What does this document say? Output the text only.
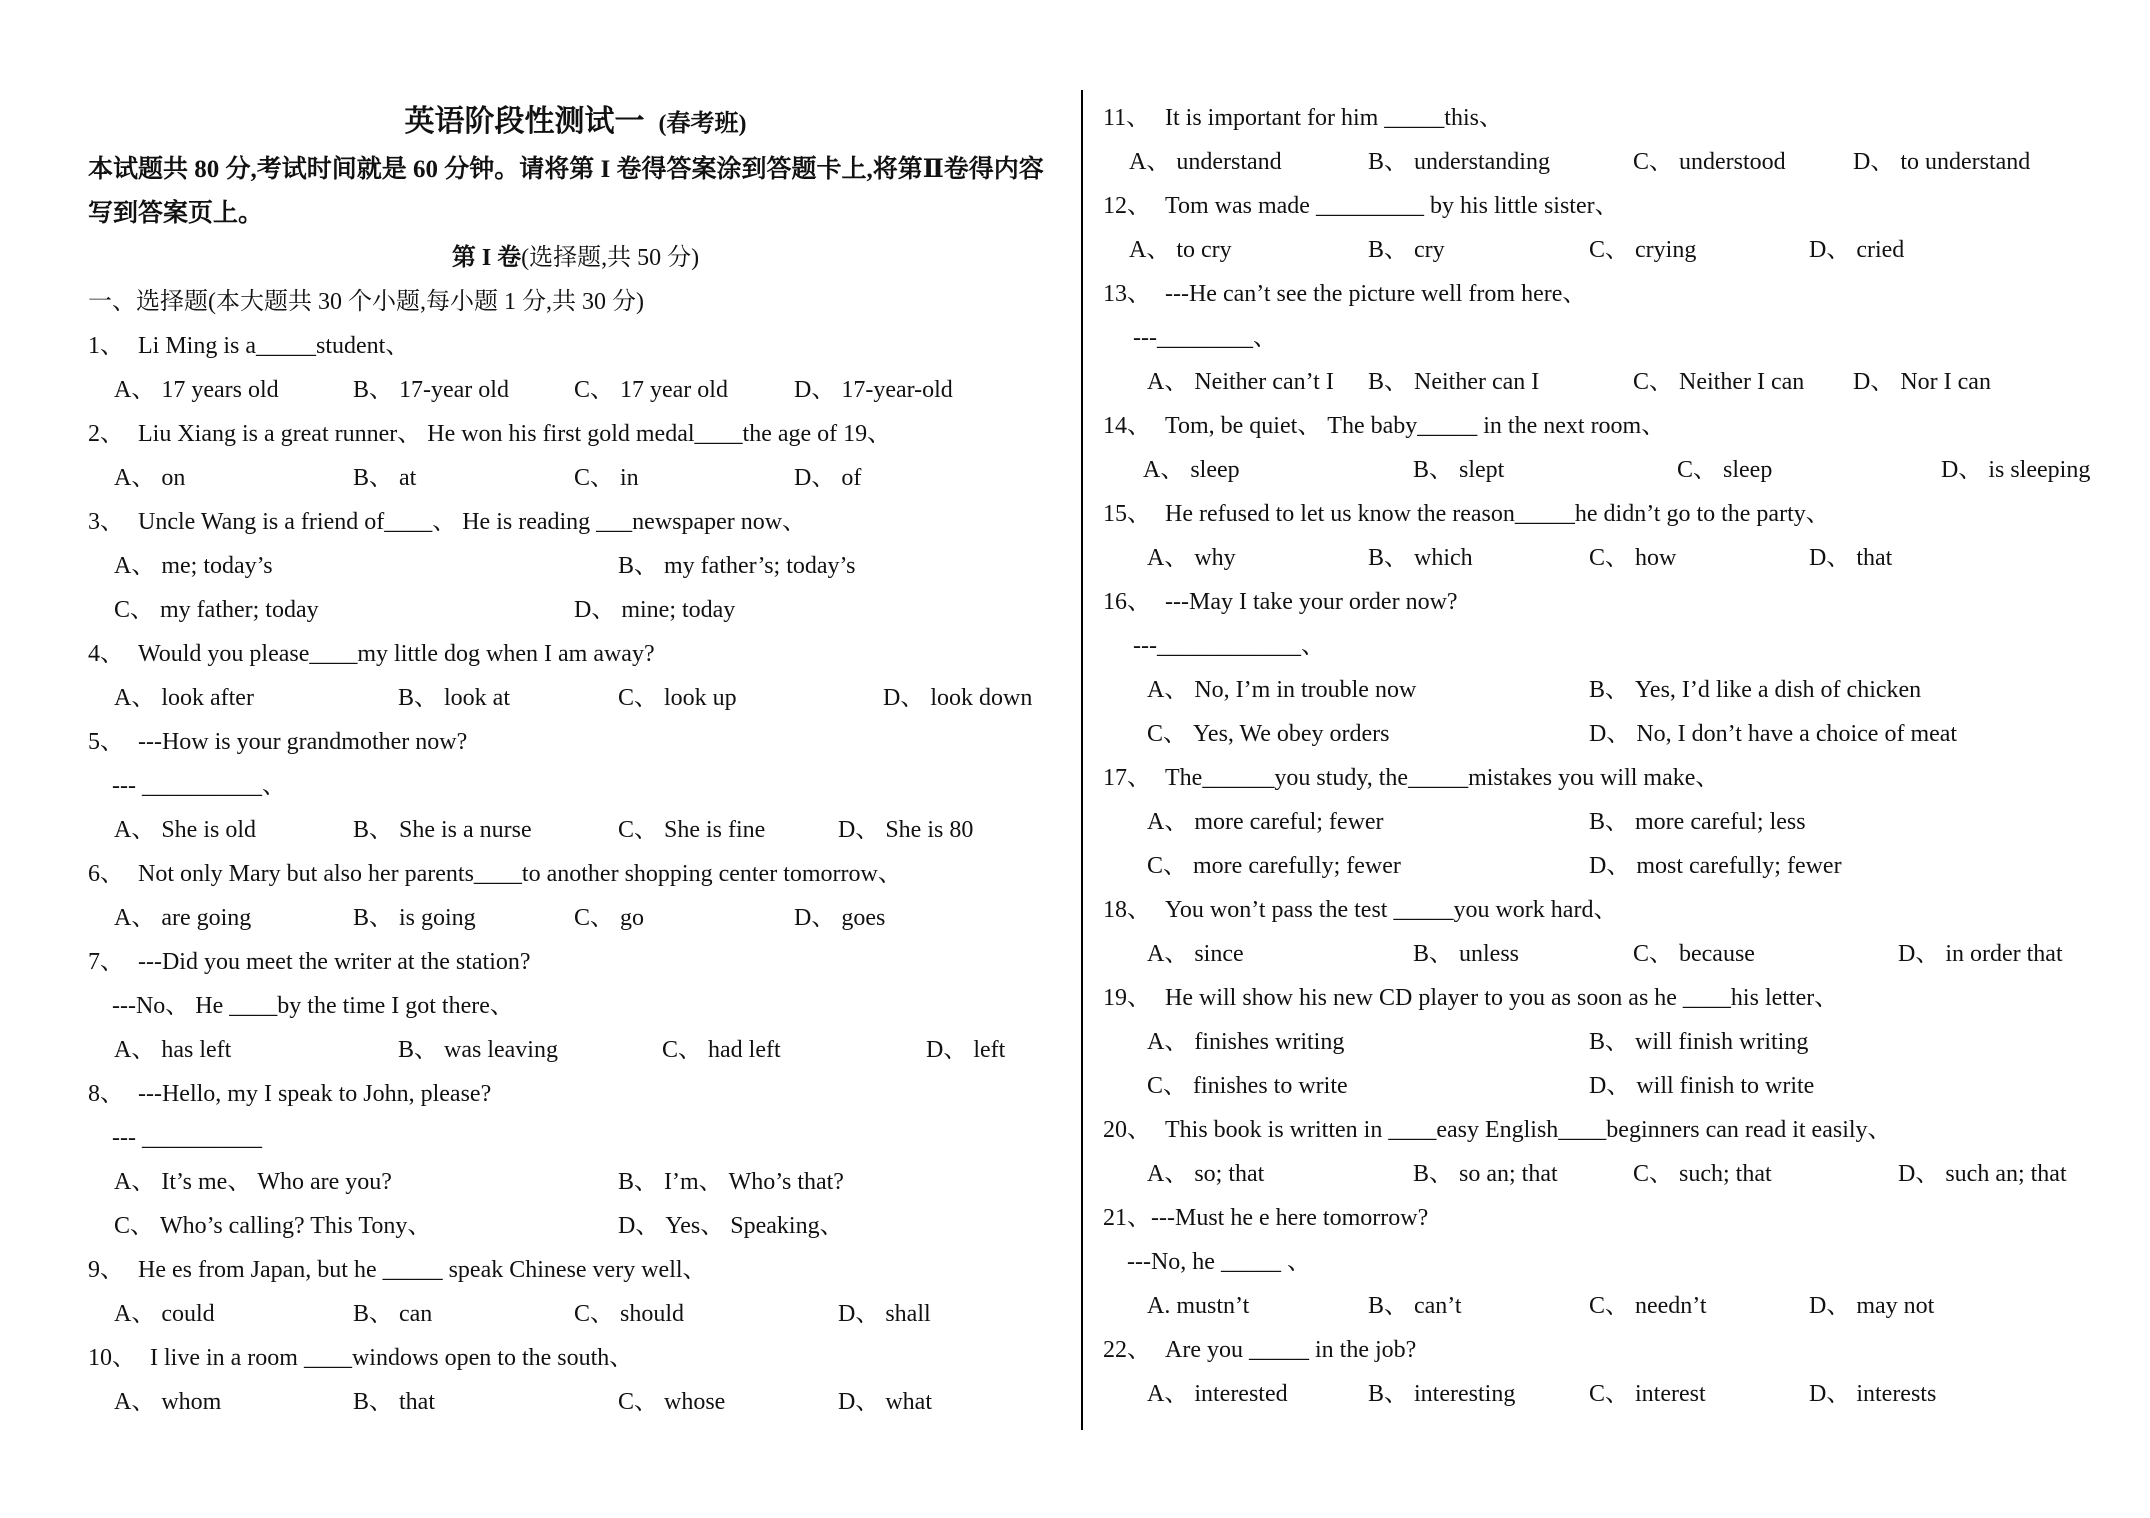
英语阶段性测试一 (春考班)
本试题共 80 分,考试时间就是 60 分钟。请将第 I 卷得答案涂到答题卡上,将第Ⅱ卷得内容
写到答案页上。
第 I 卷(选择题,共 50 分)
一、选择题(本大题共 30 个小题,每小题 1 分,共 30 分)
1、 Li Ming is a_____student、
A、 17 years old	B、 17-year old	C、 17 year old	D、 17-year-old
2、 Liu Xiang is a great runner、 He won his first gold medal____the age of 19、
A、 on	B、 at	C、 in	D、 of
3、 Uncle Wang is a friend of____、 He is reading ___newspaper now、
A、 me; today’s	B、 my father’s; today’s
C、 my father; today	D、 mine; today
4、 Would you please____my little dog when I am away?
A、 look after	B、 look at	C、 look up	D、 look down
5、 ---How is your grandmother now?
--- __________、
A、 She is old	B、 She is a nurse	C、 She is fine	D、 She is 80
6、 Not only Mary but also her parents____to another shopping center tomorrow、
A、 are going	B、 is going	C、 go	D、 goes
7、 ---Did you meet the writer at the station?
---No、 He ____by the time I got there、
A、 has left	B、 was leaving	C、 had left	D、 left
8、 ---Hello, my I speak to John, please?
--- __________
A、 It’s me、 Who are you?	B、 I’m、 Who’s that?
C、 Who’s calling? This Tony、	D、 Yes、 Speaking、
9、 He es from Japan, but he _____ speak Chinese very well、
A、 could	B、 can	C、 should	D、 shall
10、 I live in a room ____windows open to the south、
A、 whom	B、 that	C、 whose	D、 what
11、 It is important for him _____this、
A、 understand	B、 understanding	C、 understood	D、 to understand
12、 Tom was made _________ by his little sister、
A、 to cry	B、 cry	C、 crying	D、 cried
13、 ---He can’t see the picture well from here、
---________、
A、 Neither can’t I B、 Neither can I	C、 Neither I can D、 Nor I can
14、 Tom, be quiet、 The baby_____ in the next room、
A、 sleep	B、 slept	C、 sleep	D、 is sleeping
15、 He refused to let us know the reason_____he didn’t go to the party、
A、 why	B、 which	C、 how	D、 that
16、 ---May I take your order now?
---____________、
A、 No, I’m in trouble now	B、 Yes, I’d like a dish of chicken
C、 Yes, We obey orders	D、 No, I don’t have a choice of meat
17、 The______you study, the_____mistakes you will make、
A、 more careful; fewer	B、 more careful; less
C、 more carefully; fewer	D、 most carefully; fewer
18、 You won’t pass the test _____you work hard、
A、 since	B、 unless	C、 because	D、 in order that
19、 He will show his new CD player to you as soon as he ____his letter、
A、 finishes writing	B、 will finish writing
C、 finishes to write	D、 will finish to write
20、 This book is written in ____easy English____beginners can read it easily、
A、 so; that	B、 so an; that	C、 such; that	D、 such an; that
21、 ---Must he e here tomorrow?
---No, he _____ 、
A. mustn’t	B、 can’t	C、 needn’t	D、 may not
22、 Are you _____ in the job?
A、 interested	B、 interesting	C、 interest	D、 interests
